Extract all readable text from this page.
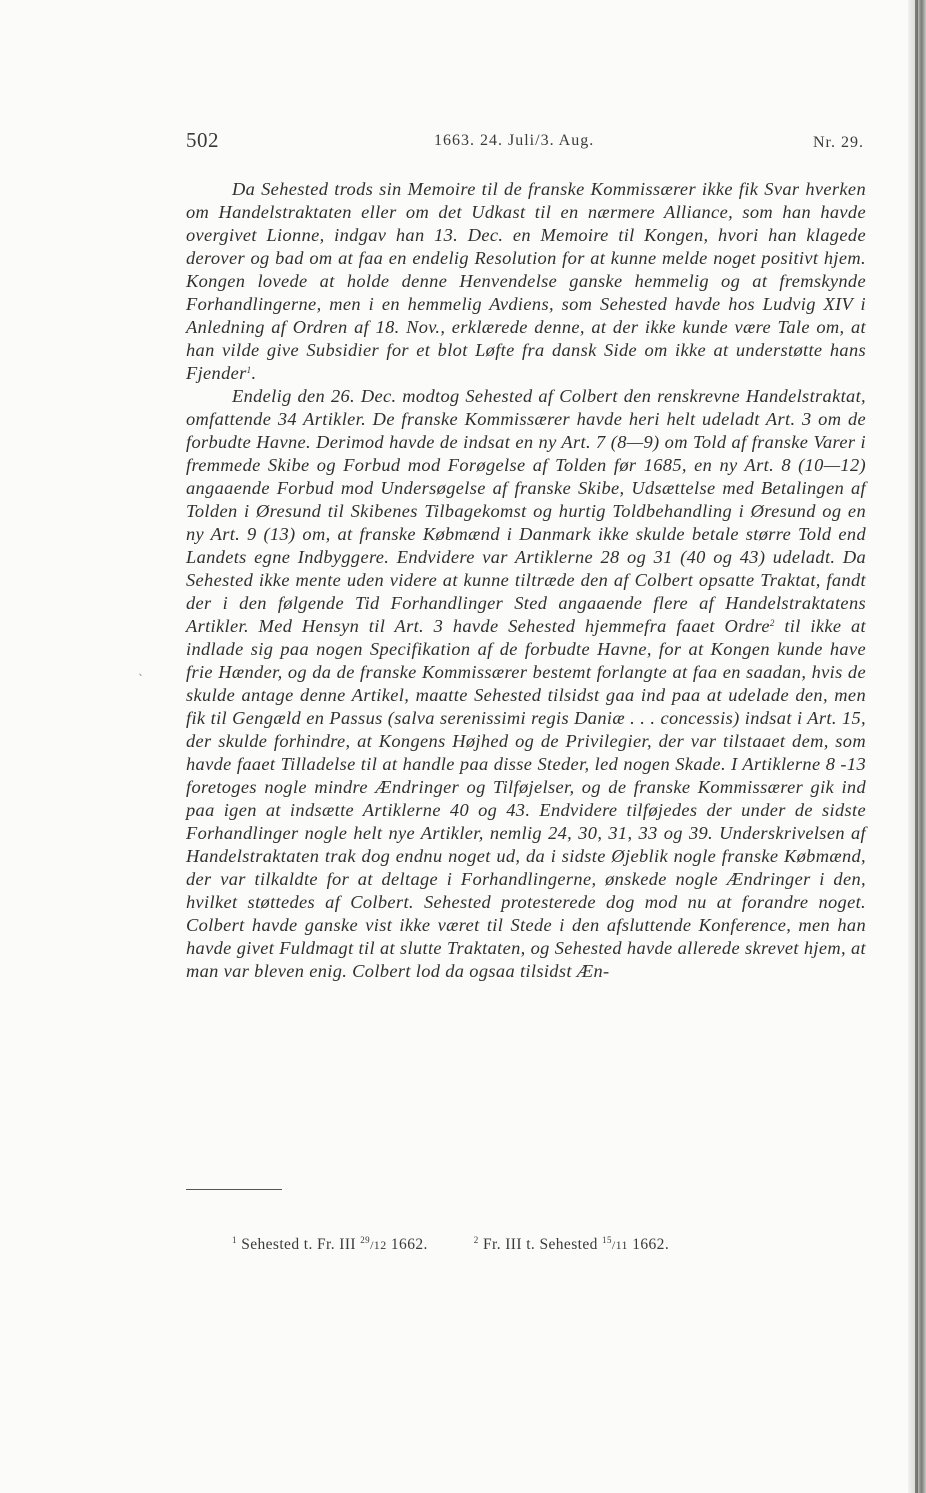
ˎ
502	1663. 24. Juli/3. Aug.	Nr. 29.

Da Sehested trods sin Memoire til de franske Kommissærer ikke fik Svar hverken om Handelstraktaten eller om det Udkast til en nærmere Alliance, som han havde overgivet Lionne, indgav han 13. Dec. en Memoire til Kongen, hvori han klagede derover og bad om at faa en endelig Resolution for at kunne melde noget positivt hjem. Kongen lovede at holde denne Henvendelse ganske hemmelig og at fremskynde Forhandlingerne, men i en hemmelig Avdiens, som Sehested havde hos Ludvig XIV i Anledning af Ordren af 18. Nov., erklærede denne, at der ikke kunde være Tale om, at han vilde give Subsidier for et blot Løfte fra dansk Side om ikke at understøtte hans Fjender$^1$.

Endelig den 26. Dec. modtog Sehested af Colbert den renskrevne Handelstraktat, omfattende 34 Artikler. De franske Kommissærer havde heri helt udeladt Art. 3 om de forbudte Havne. Derimod havde de indsat en ny Art. 7 (8—9) om Told af franske Varer i fremmede Skibe og Forbud mod Forøgelse af Tolden før 1685, en ny Art. 8 (10—12) angaaende Forbud mod Undersøgelse af franske Skibe, Udsættelse med Betalingen af Tolden i Øresund til Skibenes Tilbagekomst og hurtig Toldbehandling i Øresund og en ny Art. 9 (13) om, at franske Købmænd i Danmark ikke skulde betale større Told end Landets egne Indbyggere. Endvidere var Artiklerne 28 og 31 (40 og 43) udeladt. Da Sehested ikke mente uden videre at kunne tiltræde den af Colbert opsatte Traktat, fandt der i den følgende Tid Forhandlinger Sted angaaende flere af Handelstraktatens Artikler. Med Hensyn til Art. 3 havde Sehested hjemmefra faaet Ordre$^2$ til ikke at indlade sig paa nogen Specifikation af de forbudte Havne, for at Kongen kunde have frie Hænder, og da de franske Kommissærer bestemt forlangte at faa en saadan, hvis de skulde antage denne Artikel, maatte Sehested tilsidst gaa ind paa at udelade den, men fik til Gengæld en Passus (salva serenissimi regis Daniæ . . . concessis) indsat i Art. 15, der skulde forhindre, at Kongens Højhed og de Privilegier, der var tilstaaet dem, som havde faaet Tilladelse til at handle paa disse Steder, led nogen Skade. I Artiklerne 8 -13 foretoges nogle mindre Ændringer og Tilføjelser, og de franske Kommissærer gik ind paa igen at indsætte Artiklerne 40 og 43. Endvidere tilføjedes der under de sidste Forhandlinger nogle helt nye Artikler, nemlig 24, 30, 31, 33 og 39. Underskrivelsen af Handelstraktaten trak dog endnu noget ud, da i sidste Øjeblik nogle franske Købmænd, der var tilkaldte for at deltage i Forhandlingerne, ønskede nogle Ændringer i den, hvilket støttedes af Colbert. Sehested protesterede dog mod nu at forandre noget. Colbert havde ganske vist ikke været til Stede i den afsluttende Konference, men han havde givet Fuldmagt til at slutte Traktaten, og Sehested havde allerede skrevet hjem, at man var bleven enig. Colbert lod da ogsaa tilsidst Æn-

$^1$ Sehested t. Fr. III $^{29}$/12 1662.	$^2$ Fr. III t. Sehested $^{15}$/11 1662.
